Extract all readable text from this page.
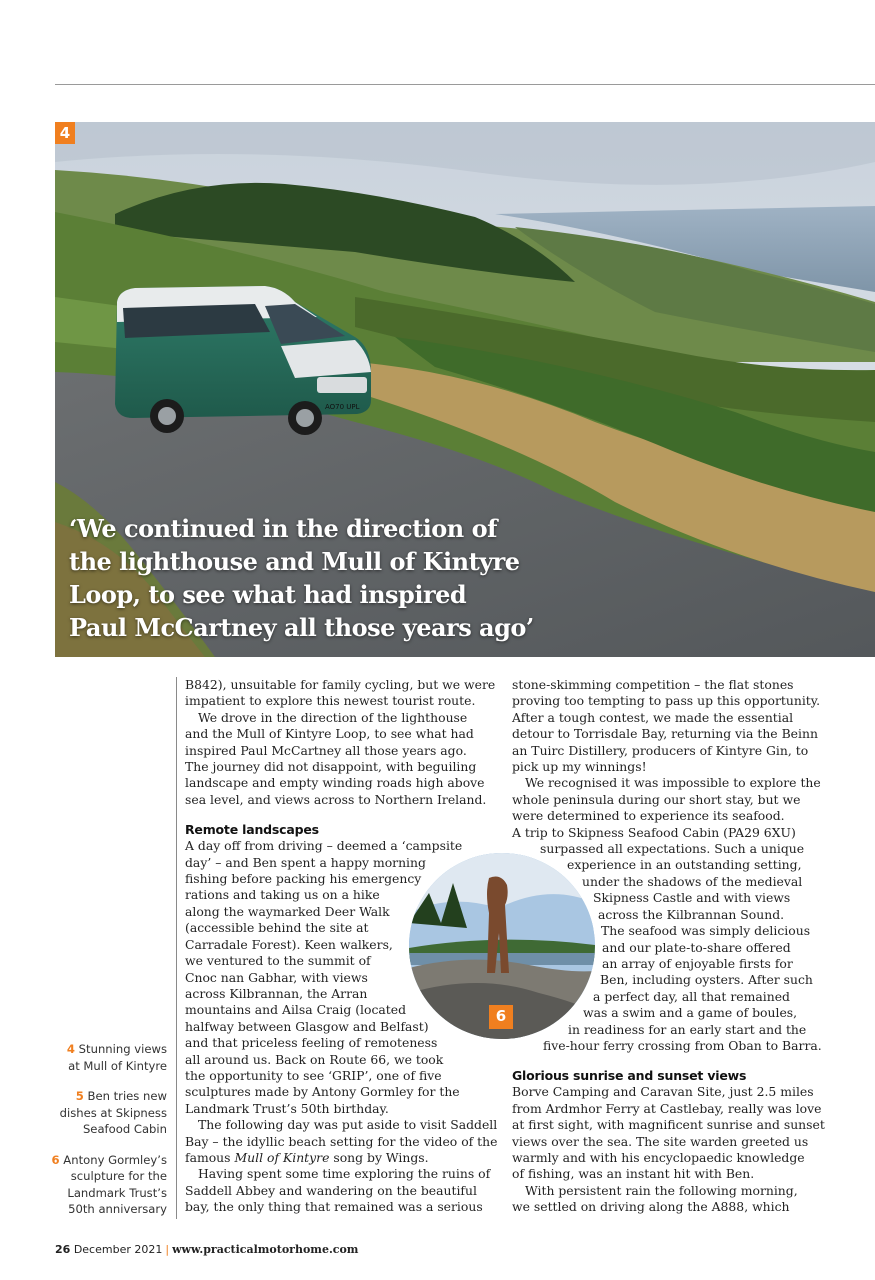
AO70 UPL
4
‘We continued in the direction of
the lighthouse and Mull of Kintyre
Loop, to see what had inspired
Paul McCartney all those years ago’

B842), unsuitable for family cycling, but we were
impatient to explore this newest tourist route.
We drove in the direction of the lighthouse
and the Mull of Kintyre Loop, to see what had
inspired Paul McCartney all those years ago.
The journey did not disappoint, with beguiling
landscape and empty winding roads high above
sea level, and views across to Northern Ireland.

Remote landscapes

A day off from driving – deemed a ‘campsite
day’ – and Ben spent a happy morning
fishing before packing his emergency
rations and taking us on a hike
along the waymarked Deer Walk
(accessible behind the site at
Carradale Forest). Keen walkers,
we ventured to the summit of
Cnoc nan Gabhar, with views
across Kilbrannan, the Arran
mountains and Ailsa Craig (located
halfway between Glasgow and Belfast)
and that priceless feeling of remoteness
all around us. Back on Route 66, we took
the opportunity to see ‘GRIP’, one of five
sculptures made by Antony Gormley for the
Landmark Trust’s 50th birthday.
The following day was put aside to visit Saddell
Bay – the idyllic beach setting for the video of the
famous Mull of Kintyre song by Wings.
Having spent some time exploring the ruins of
Saddell Abbey and wandering on the beautiful
bay, the only thing that remained was a serious

stone-skimming competition – the flat stones
proving too tempting to pass up this opportunity.
After a tough contest, we made the essential
detour to Torrisdale Bay, returning via the Beinn
an Tuirc Distillery, producers of Kintyre Gin, to
pick up my winnings!
We recognised it was impossible to explore the
whole peninsula during our short stay, but we
were determined to experience its seafood.
A trip to Skipness Seafood Cabin (PA29 6XU)
surpassed all expectations. Such a unique
experience in an outstanding setting,
under the shadows of the medieval
Skipness Castle and with views
across the Kilbrannan Sound.
The seafood was simply delicious
and our plate-to-share offered
an array of enjoyable firsts for
Ben, including oysters. After such
a perfect day, all that remained
was a swim and a game of boules,
in readiness for an early start and the
five-hour ferry crossing from Oban to Barra.

Glorious sunrise and sunset views

Borve Camping and Caravan Site, just 2.5 miles
from Ardmhor Ferry at Castlebay, really was love
at first sight, with magnificent sunrise and sunset
views over the sea. The site warden greeted us
warmly and with his encyclopaedic knowledge
of fishing, was an instant hit with Ben.
With persistent rain the following morning,
we settled on driving along the A888, which

6
4 Stunning views
at Mull of Kintyre
5 Ben tries new
dishes at Skipness
Seafood Cabin
6 Antony Gormley’s
sculpture for the
Landmark Trust’s
50th anniversary
26 December 2021 | www.practicalmotorhome.com
